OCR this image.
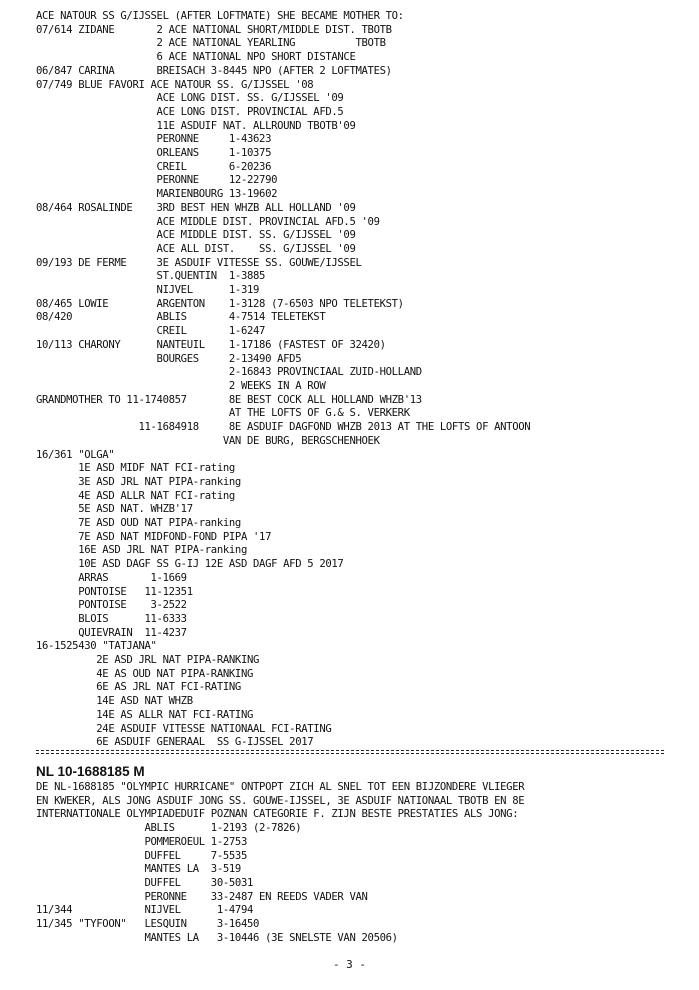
ACE NATOUR SS G/IJSSEL (AFTER LOFTMATE) SHE BECAME MOTHER TO:
07/614 ZIDANE       2 ACE NATIONAL SHORT/MIDDLE DIST. TBOTB
2 ACE NATIONAL YEARLING          TBOTB
6 ACE NATIONAL NPO SHORT DISTANCE
06/847 CARINA       BREISACH 3-8445 NPO (AFTER 2 LOFTMATES)
07/749 BLUE FAVORI ACE NATOUR SS. G/IJSSEL '08
ACE LONG DIST. SS. G/IJSSEL '09
ACE LONG DIST. PROVINCIAL AFD.5
11E ASDUIF NAT. ALLROUND TBOTB'09
PERONNE     1-43623
ORLEANS     1-10375
CREIL       6-20236
PERONNE     12-22790
MARIENBOURG 13-19602
08/464 ROSALINDE    3RD BEST HEN WHZB ALL HOLLAND '09
ACE MIDDLE DIST. PROVINCIAL AFD.5 '09
ACE MIDDLE DIST. SS. G/IJSSEL '09
ACE ALL DIST.    SS. G/IJSSEL '09
09/193 DE FERME     3E ASDUIF VITESSE SS. GOUWE/IJSSEL
ST.QUENTIN  1-3885
NIJVEL      1-319
08/465 LOWIE        ARGENTON    1-3128 (7-6503 NPO TELETEKST)
08/420              ABLIS       4-7514 TELETEKST
CREIL       1-6247
10/113 CHARONY      NANTEUIL    1-17186 (FASTEST OF 32420)
BOURGES     2-13490 AFD5
2-16843 PROVINCIAAL ZUID-HOLLAND
2 WEEKS IN A ROW
GRANDMOTHER TO 11-1740857       8E BEST COCK ALL HOLLAND WHZB'13
AT THE LOFTS OF G.& S. VERKERK
11-1684918     8E ASDUIF DAGFOND WHZB 2013 AT THE LOFTS OF ANTOON
VAN DE BURG, BERGSCHENHOEK
16/361 "OLGA"
1E ASD MIDF NAT FCI-rating
3E ASD JRL NAT PIPA-ranking
4E ASD ALLR NAT FCI-rating
5E ASD NAT. WHZB'17
7E ASD OUD NAT PIPA-ranking
7E ASD NAT MIDFOND-FOND PIPA '17
16E ASD JRL NAT PIPA-ranking
10E ASD DAGF SS G-IJ 12E ASD DAGF AFD 5 2017
ARRAS       1-1669
PONTOISE   11-12351
PONTOISE    3-2522
BLOIS      11-6333
QUIEVRAIN  11-4237
16-1525430 "TATJANA"
2E ASD JRL NAT PIPA-RANKING
4E AS OUD NAT PIPA-RANKING
6E AS JRL NAT FCI-RATING
14E ASD NAT WHZB
14E AS ALLR NAT FCI-RATING
24E ASDUIF VITESSE NATIONAAL FCI-RATING
6E ASDUIF GENERAAL  SS G-IJSSEL 2017
NL 10-1688185 M
DE NL-1688185 "OLYMPIC HURRICANE" ONTPOPT ZICH AL SNEL TOT EEN BIJZONDERE VLIEGER
EN KWEKER, ALS JONG ASDUIF JONG SS. GOUWE-IJSSEL, 3E ASDUIF NATIONAAL TBOTB EN 8E
INTERNATIONALE OLYMPIADEDUIF POZNAN CATEGORIE F. ZIJN BESTE PRESTATIES ALS JONG:
ABLIS      1-2193 (2-7826)
POMMEROEUL 1-2753
DUFFEL     7-5535
MANTES LA  3-519
DUFFEL     30-5031
PERONNE    33-2487 EN REEDS VADER VAN
11/344            NIJVEL      1-4794
11/345 "TYFOON"   LESQUIN     3-16450
MANTES LA   3-10446 (3E SNELSTE VAN 20506)
- 3 -
